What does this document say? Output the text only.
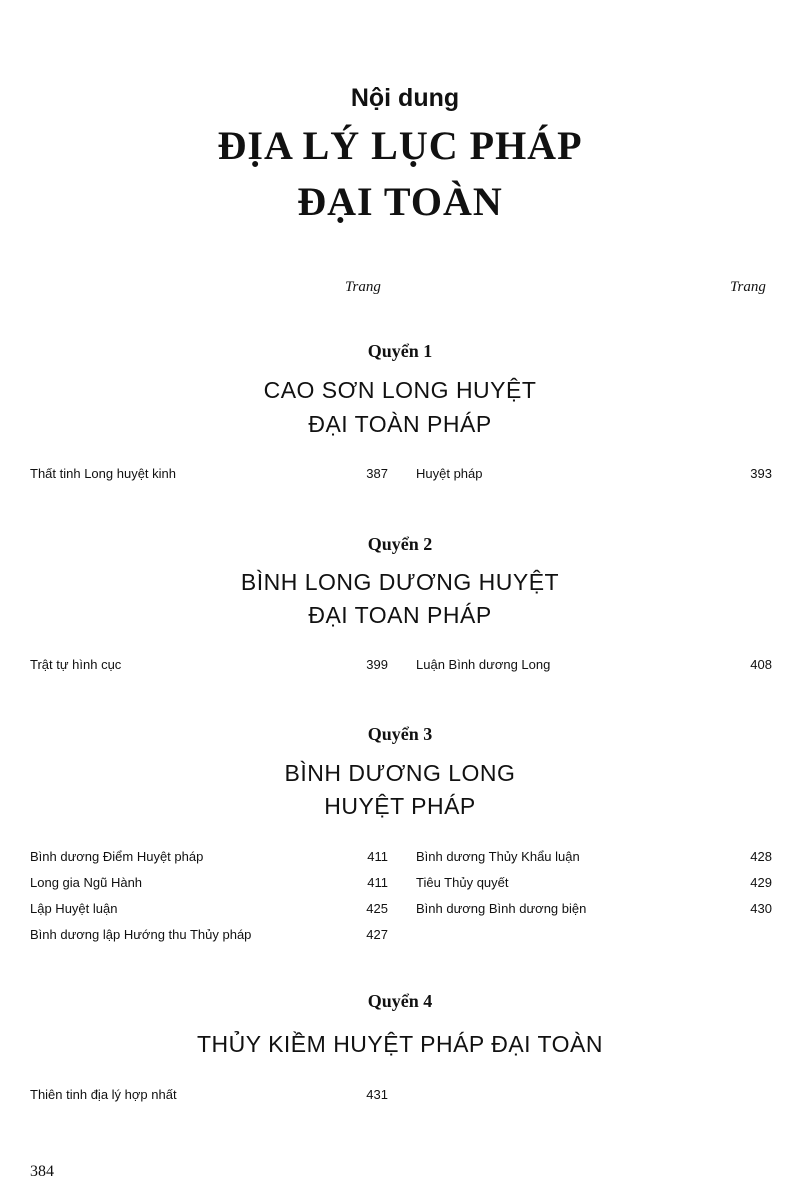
Nội dung
ĐỊA LÝ LỤC PHÁP
ĐẠI TOÀN
Trang	Trang
Quyển 1
CAO SƠN LONG HUYỆT
ĐẠI TOÀN PHÁP
Thất tinh Long huyệt kinh	387 Huyệt pháp	393
Quyển 2
BÌNH LONG DƯƠNG HUYỆT
ĐẠI TOAN PHÁP
Trật tự hình cục	399 Luận Bình dương Long	408
Quyển 3
BÌNH DƯƠNG LONG
HUYỆT PHÁP
Bình dương Điểm Huyệt pháp	411 Bình dương Thủy Khẩu luận	428
Long gia Ngũ Hành	411 Tiêu Thủy quyết	429
Lập Huyệt luận	425 Bình dương Bình dương biện	430
Bình dương lập Hướng thu Thủy pháp	427
Quyển 4
THỦY KIỀM HUYỆT PHÁP ĐẠI TOÀN
Thiên tinh địa lý hợp nhất	431
384
